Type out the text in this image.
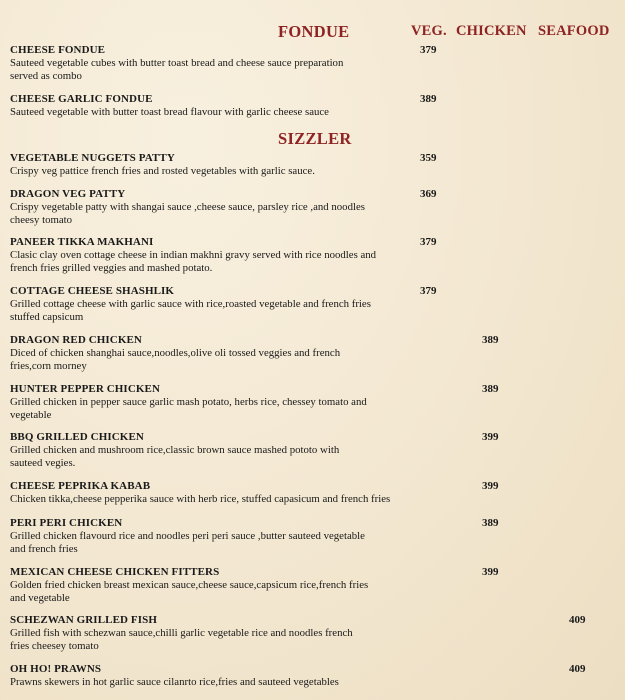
FONDUE	VEG. CHICKEN SEAFOOD
CHEESE FONDUE
Sauteed vegetable cubes with butter toast bread and cheese sauce preparation served as combo
379
CHEESE GARLIC FONDUE
Sauteed vegetable with butter toast bread flavour with garlic cheese sauce
389
SIZZLER
VEGETABLE NUGGETS PATTY
Crispy veg pattice french fries and rosted vegetables with garlic sauce.
359
DRAGON VEG PATTY
Crispy vegetable patty with shangai sauce ,cheese sauce, parsley rice ,and noodles cheesy tomato
369
PANEER TIKKA MAKHANI
Clasic clay oven cottage cheese in indian makhni gravy served with rice noodles and french fries grilled veggies and mashed potato.
379
COTTAGE CHEESE SHASHLIK
Grilled cottage cheese with garlic sauce with rice,roasted vegetable and french fries stuffed capsicum
379
DRAGON RED CHICKEN
Diced of chicken shanghai sauce,noodles,olive oli tossed veggies and french fries,corn morney
389
HUNTER PEPPER CHICKEN
Grilled chicken in pepper sauce garlic mash potato, herbs rice, chessey tomato and vegetable
389
BBQ GRILLED CHICKEN
Grilled chicken and mushroom rice,classic brown sauce mashed pototo with sauteed vegies.
399
CHEESE PEPRIKA KABAB
Chicken tikka,cheese pepperika sauce with herb rice, stuffed capasicum and french fries
399
PERI PERI CHICKEN
Grilled chicken flavourd rice and noodles peri peri sauce ,butter sauteed vegetable and french fries
389
MEXICAN CHEESE CHICKEN FITTERS
Golden fried chicken breast mexican sauce,cheese sauce,capsicum rice,french fries and vegetable
399
SCHEZWAN GRILLED FISH
Grilled fish with schezwan sauce,chilli garlic vegetable rice and noodles french fries cheesey tomato
409
OH HO! PRAWNS
Prawns skewers in hot garlic sauce cilanrto rice,fries and sauteed vegetables
409
